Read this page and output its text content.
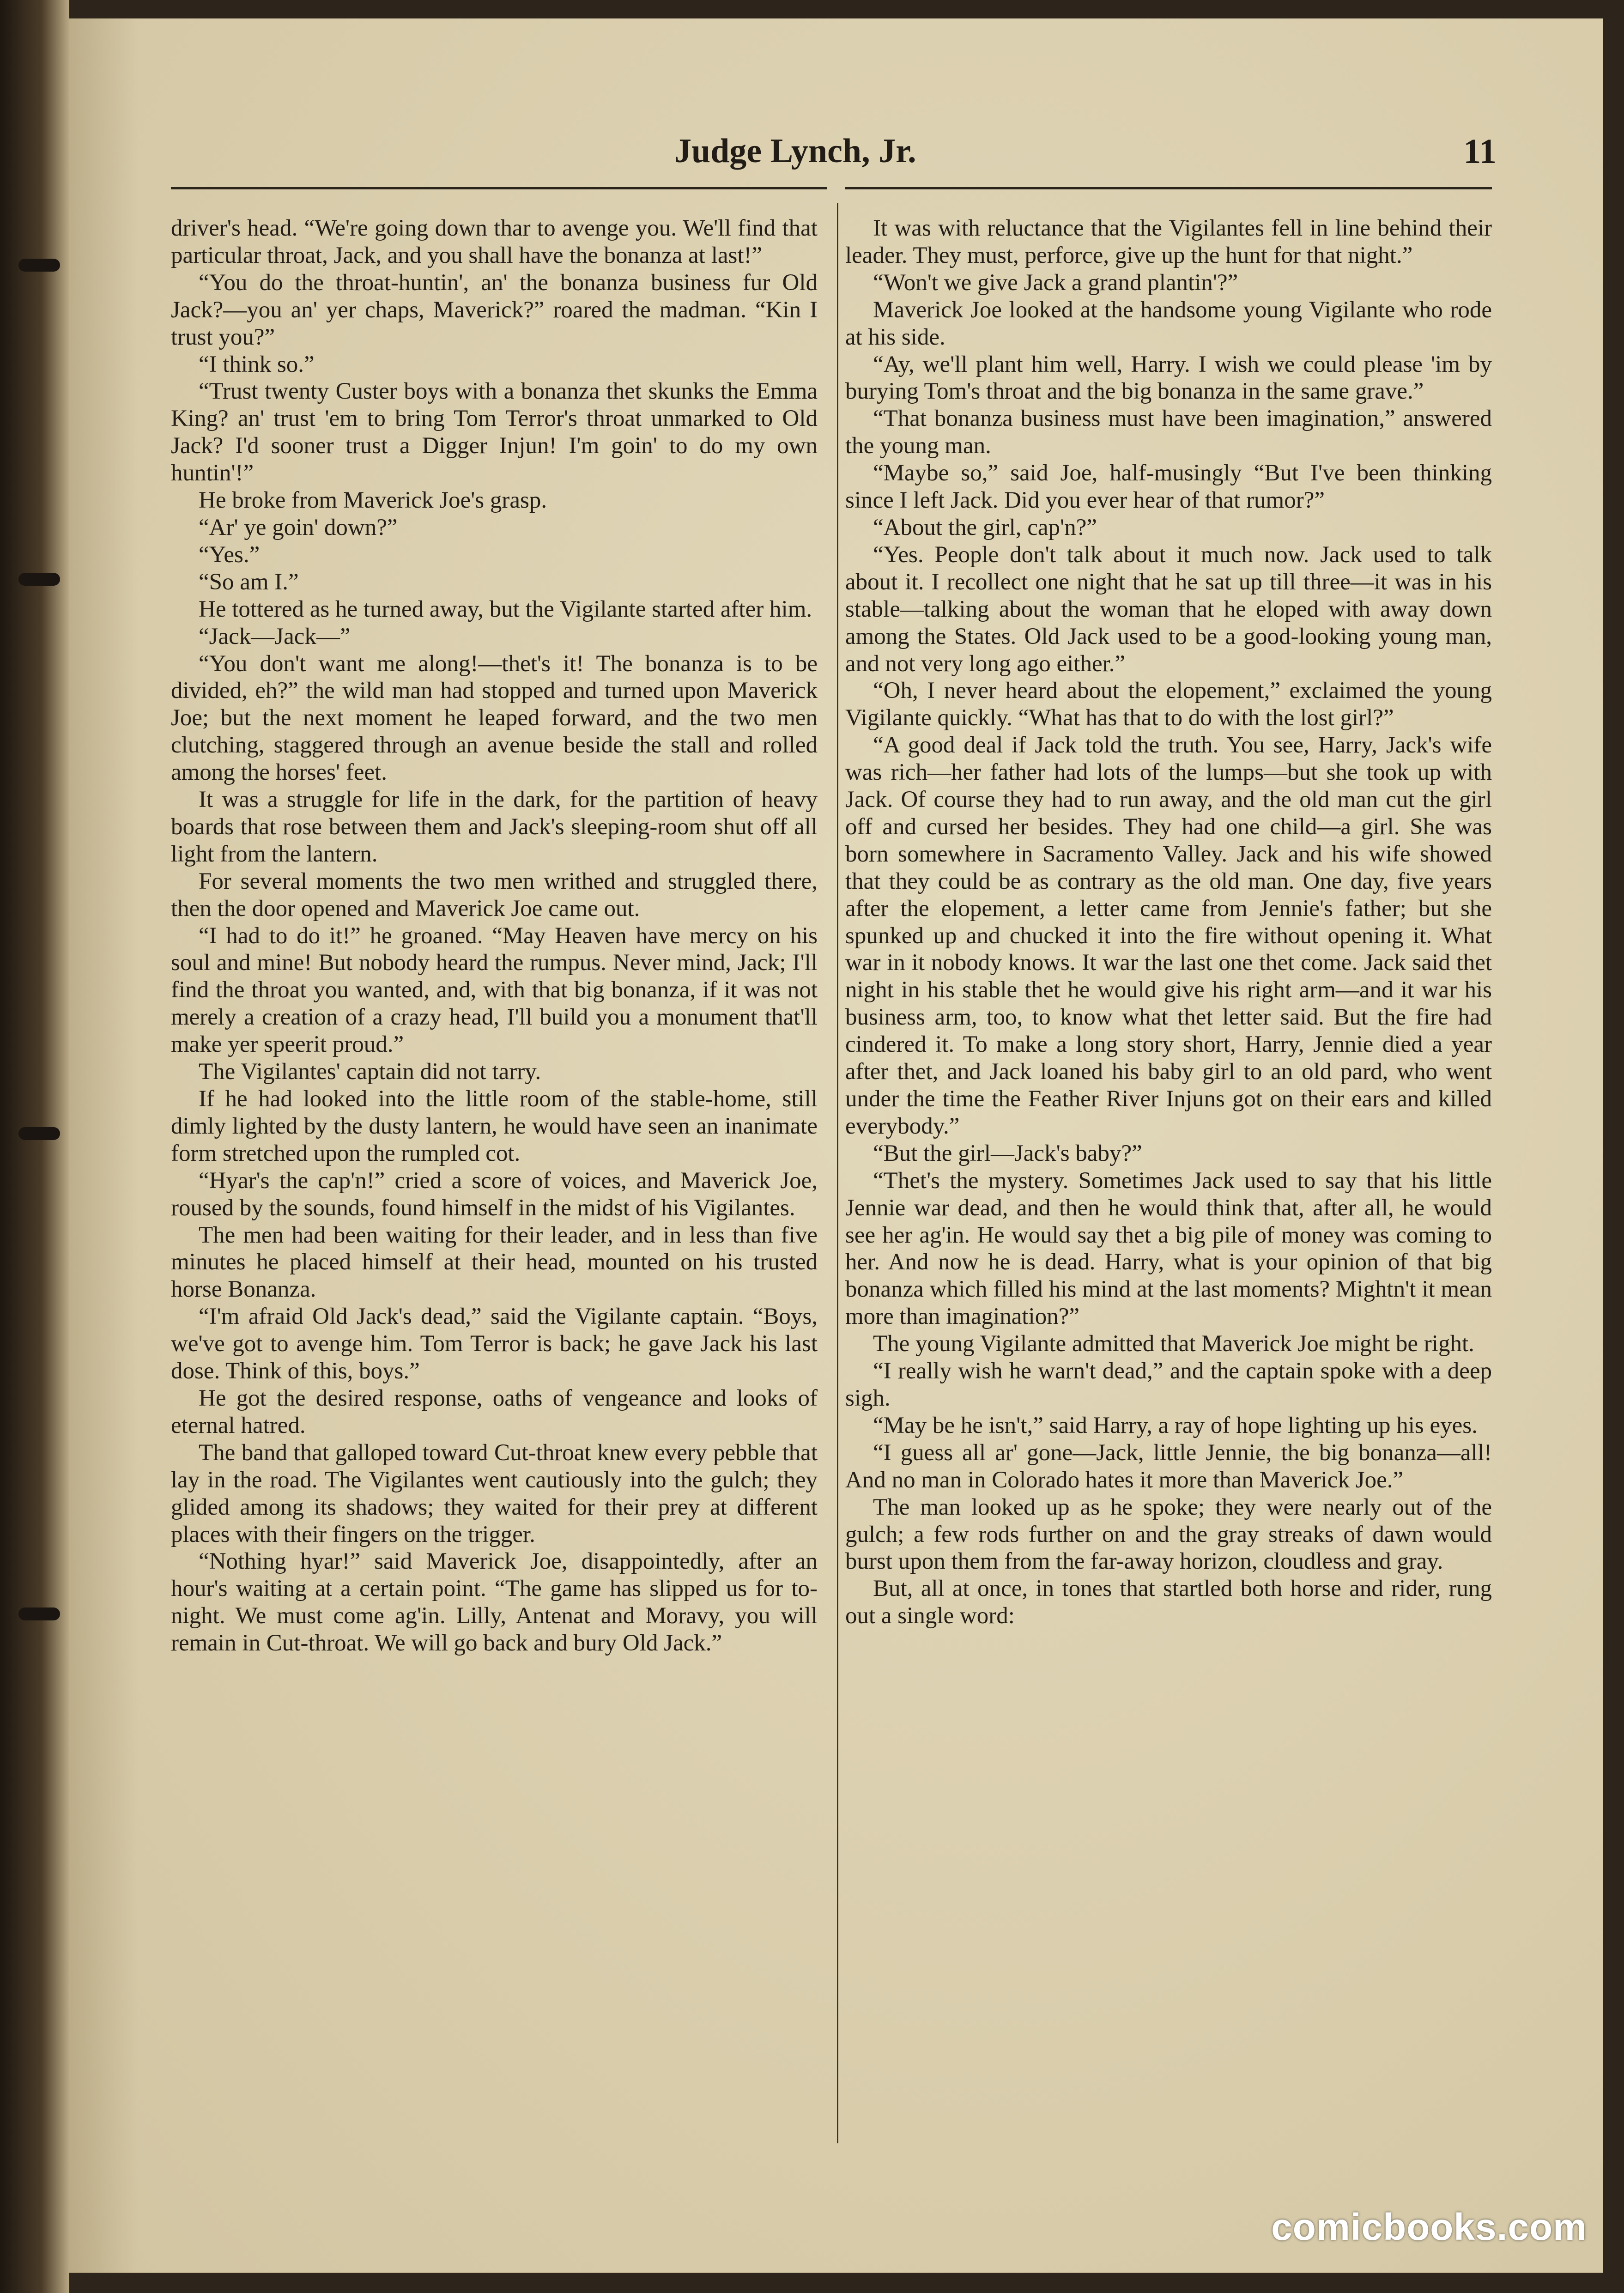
Judge Lynch, Jr.	11

driver's head. “We're going down thar to avenge you. We'll find that particular throat, Jack, and you shall have the bonanza at last!”

“You do the throat-huntin', an' the bonanza business fur Old Jack?—you an' yer chaps, Maverick?” roared the madman. “Kin I trust you?”

“I think so.”

“Trust twenty Custer boys with a bonanza thet skunks the Emma King? an' trust 'em to bring Tom Terror's throat unmarked to Old Jack? I'd sooner trust a Digger Injun! I'm goin' to do my own huntin'!”

He broke from Maverick Joe's grasp.

“Ar' ye goin' down?”

“Yes.”

“So am I.”

He tottered as he turned away, but the Vigilante started after him.

“Jack—Jack—”

“You don't want me along!—thet's it! The bonanza is to be divided, eh?” the wild man had stopped and turned upon Maverick Joe; but the next moment he leaped forward, and the two men clutching, staggered through an avenue beside the stall and rolled among the horses' feet.

It was a struggle for life in the dark, for the partition of heavy boards that rose between them and Jack's sleeping-room shut off all light from the lantern.

For several moments the two men writhed and struggled there, then the door opened and Maverick Joe came out.

“I had to do it!” he groaned. “May Heaven have mercy on his soul and mine! But nobody heard the rumpus. Never mind, Jack; I'll find the throat you wanted, and, with that big bonanza, if it was not merely a creation of a crazy head, I'll build you a monument that'll make yer speerit proud.”

The Vigilantes' captain did not tarry.

If he had looked into the little room of the stable-home, still dimly lighted by the dusty lantern, he would have seen an inanimate form stretched upon the rumpled cot.

“Hyar's the cap'n!” cried a score of voices, and Maverick Joe, roused by the sounds, found himself in the midst of his Vigilantes.

The men had been waiting for their leader, and in less than five minutes he placed himself at their head, mounted on his trusted horse Bonanza.

“I'm afraid Old Jack's dead,” said the Vigilante captain. “Boys, we've got to avenge him. Tom Terror is back; he gave Jack his last dose. Think of this, boys.”

He got the desired response, oaths of vengeance and looks of eternal hatred.

The band that galloped toward Cut-throat knew every pebble that lay in the road. The Vigilantes went cautiously into the gulch; they glided among its shadows; they waited for their prey at different places with their fingers on the trigger.

“Nothing hyar!” said Maverick Joe, disappointedly, after an hour's waiting at a certain point. “The game has slipped us for to-night. We must come ag'in. Lilly, Antenat and Moravy, you will remain in Cut-throat. We will go back and bury Old Jack.”

It was with reluctance that the Vigilantes fell in line behind their leader. They must, perforce, give up the hunt for that night.”

“Won't we give Jack a grand plantin'?”

Maverick Joe looked at the handsome young Vigilante who rode at his side.

“Ay, we'll plant him well, Harry. I wish we could please 'im by burying Tom's throat and the big bonanza in the same grave.”

“That bonanza business must have been imagination,” answered the young man.

“Maybe so,” said Joe, half-musingly “But I've been thinking since I left Jack. Did you ever hear of that rumor?”

“About the girl, cap'n?”

“Yes. People don't talk about it much now. Jack used to talk about it. I recollect one night that he sat up till three—it was in his stable—talking about the woman that he eloped with away down among the States. Old Jack used to be a good-looking young man, and not very long ago either.”

“Oh, I never heard about the elopement,” exclaimed the young Vigilante quickly. “What has that to do with the lost girl?”

“A good deal if Jack told the truth. You see, Harry, Jack's wife was rich—her father had lots of the lumps—but she took up with Jack. Of course they had to run away, and the old man cut the girl off and cursed her besides. They had one child—a girl. She was born somewhere in Sacramento Valley. Jack and his wife showed that they could be as contrary as the old man. One day, five years after the elopement, a letter came from Jennie's father; but she spunked up and chucked it into the fire without opening it. What war in it nobody knows. It war the last one thet come. Jack said thet night in his stable thet he would give his right arm—and it war his business arm, too, to know what thet letter said. But the fire had cindered it. To make a long story short, Harry, Jennie died a year after thet, and Jack loaned his baby girl to an old pard, who went under the time the Feather River Injuns got on their ears and killed everybody.”

“But the girl—Jack's baby?”

“Thet's the mystery. Sometimes Jack used to say that his little Jennie war dead, and then he would think that, after all, he would see her ag'in. He would say thet a big pile of money was coming to her. And now he is dead. Harry, what is your opinion of that big bonanza which filled his mind at the last moments? Mightn't it mean more than imagination?”

The young Vigilante admitted that Maverick Joe might be right.

“I really wish he warn't dead,” and the captain spoke with a deep sigh.

“May be he isn't,” said Harry, a ray of hope lighting up his eyes.

“I guess all ar' gone—Jack, little Jennie, the big bonanza—all! And no man in Colorado hates it more than Maverick Joe.”

The man looked up as he spoke; they were nearly out of the gulch; a few rods further on and the gray streaks of dawn would burst upon them from the far-away horizon, cloudless and gray.

But, all at once, in tones that startled both horse and rider, rung out a single word:

comicbooks.com
